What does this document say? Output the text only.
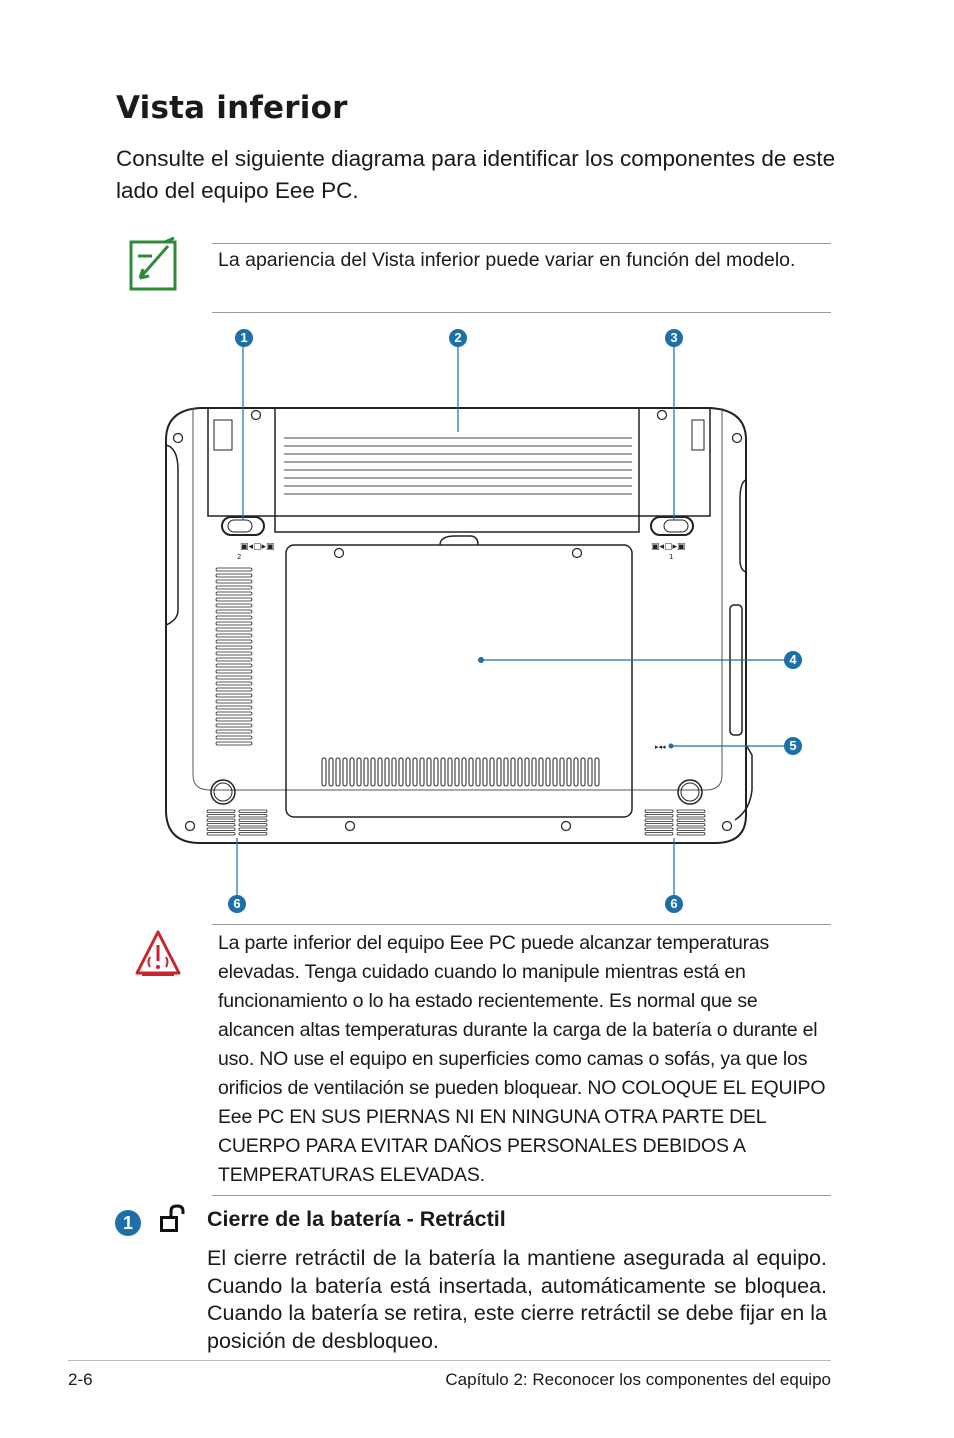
Vista inferior
Consulte el siguiente diagrama para identificar los componentes de este lado del equipo Eee PC.
La apariencia del Vista inferior puede variar en función del modelo.
▣◂▢▸▣	▣◂▢▸▣
2	1
▸◂◂
1	2	3
4
5
6	6
La parte inferior del equipo Eee PC puede alcanzar temperaturas elevadas. Tenga cuidado cuando lo manipule mientras está en funcionamiento o lo ha estado recientemente. Es normal que se alcancen altas temperaturas durante la carga de la batería o durante el uso. NO use el equipo en superficies como camas o sofás, ya que los orificios de ventilación se pueden bloquear. NO COLOQUE EL EQUIPO Eee PC EN SUS PIERNAS NI EN NINGUNA OTRA PARTE DEL CUERPO PARA EVITAR DAÑOS PERSONALES DEBIDOS A TEMPERATURAS ELEVADAS.
1	Cierre de la batería - Retráctil
El cierre retráctil de la batería la mantiene asegurada al equipo. Cuando la batería está insertada, automáticamente se bloquea. Cuando la batería se retira, este cierre retráctil se debe fijar en la posición de desbloqueo.
2-6	Capítulo 2: Reconocer los componentes del equipo
